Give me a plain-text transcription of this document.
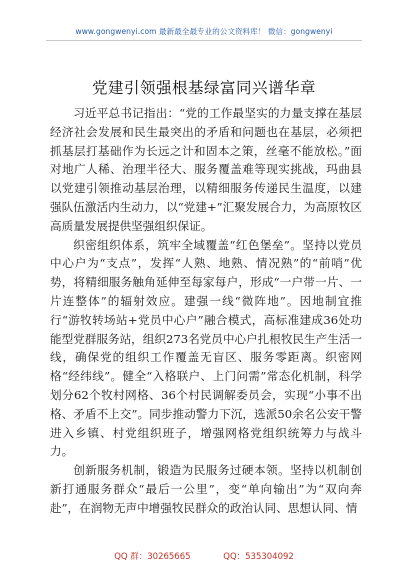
www.gongwenyi.com 最新最全最专业的公文资料库！ 微信：gongwenyi
党建引领强根基绿富同兴谱华章

习近平总书记指出：“党的工作最坚实的力量支撑在基层经济社会发展和民生最突出的矛盾和问题也在基层，必须把抓基层打基础作为长远之计和固本之策，丝毫不能放松。”面对地广人稀、治理半径大、服务覆盖难等现实挑战，玛曲县以党建引领推动基层治理，以精细服务传递民生温度，以建强队伍激活内生动力，以“党建+”汇聚发展合力，为高原牧区高质量发展提供坚强组织保证。

织密组织体系，筑牢全域覆盖“红色堡垒”。坚持以党员中心户为“支点”，发挥“人熟、地熟、情况熟”的“前哨”优势，将精细服务触角延伸至每家每户，形成“一户带一片、一片连整体”的辐射效应。建强一线“微阵地”。因地制宜推行“游牧转场站+党员中心户”融合模式，高标准建成36处功能型党群服务站，组织273名党员中心户扎根牧民生产生活一线，确保党的组织工作覆盖无盲区、服务零距离。织密网格“经纬线”。健全“入格联户、上门问需”常态化机制，科学划分62个牧村网格、36个村民调解委员会，实现“小事不出格、矛盾不上交”。同步推动警力下沉，选派50余名公安干警进入乡镇、村党组织班子，增强网格党组织统筹力与战斗力。

创新服务机制，锻造为民服务过硬本领。坚持以机制创新打通服务群众“最后一公里”，变“单向输出”为“双向奔赴”，在润物无声中增强牧民群众的政治认同、思想认同、情

QQ 群：30265665	QQ：535304092
